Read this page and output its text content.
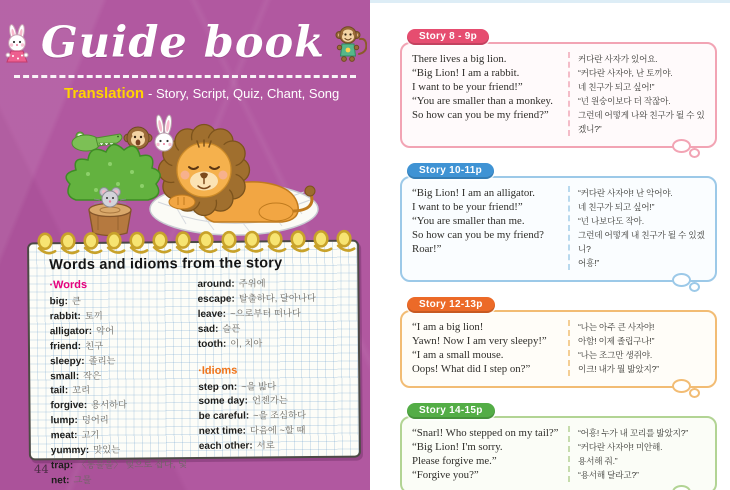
Guide book
Translation - Story, Script, Quiz, Chant, Song
Words and idioms from the story
·Words
big: 큰
rabbit: 토끼
alligator: 악어
friend: 친구
sleepy: 졸리는
small: 작은
tail: 꼬리
forgive: 용서하다
lump: 덩어리
meat: 고기
yummy: 맛있는
trap: 〈동물을〉 덫으로 잡다, 덫
net: 그물
around: 주위에
escape: 탈출하다, 달아나다
leave: ~으로부터 떠나다
sad: 슬픈
tooth: 이, 치아
·Idioms
step on: ~을 밟다
some day: 언젠가는
be careful: ~을 조심하다
next time: 다음에 ~할 때
each other: 서로
44
Story 8 - 9p
There lives a big lion.
“Big Lion! I am a rabbit.
I want to be your friend!”
“You are smaller than a monkey.
So how can you be my friend?”
커다란 사자가 있어요.
“커다란 사자야, 난 토끼야.
네 친구가 되고 싶어!”
“넌 원숭이보다 더 작잖아.
그런데 어떻게 나와 친구가 될 수 있겠니?”
Story 10-11p
“Big Lion! I am an alligator.
I want to be your friend!”
“You are smaller than me.
So how can you be my friend?
Roar!”
“커다란 사자야! 난 악어야.
네 친구가 되고 싶어!”
“넌 나보다도 작아.
그런데 어떻게 내 친구가 될 수 있겠니?
어흥!”
Story 12-13p
“I am a big lion!
Yawn! Now I am very sleepy!”
“I am a small mouse.
Oops! What did I step on?”
“나는 아주 큰 사자야!
아함! 이제 졸립구나!”
“나는 조그만 생쥐야.
이크! 내가 뭘 밟았지?”
Story 14-15p
“Snarl! Who stepped on my tail?”
“Big Lion! I'm sorry.
Please forgive me.”
“Forgive you?”
“어흥! 누가 내 꼬리를 밟았지?”
“커다란 사자야! 미안해.
용서해 줘.”
“용서해 달라고?”
